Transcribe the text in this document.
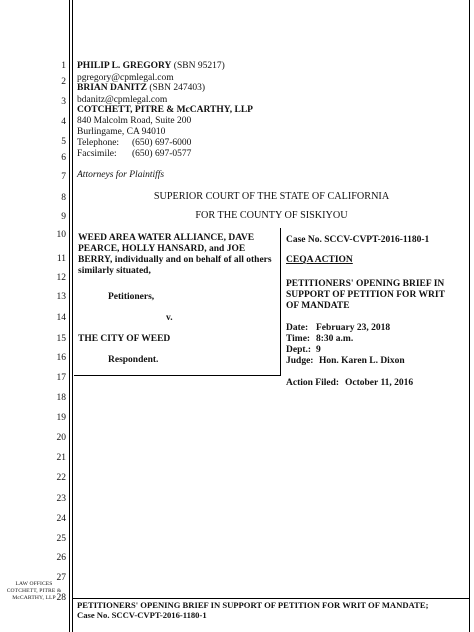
1
2
3
4
5
6
7
8
9
10
11
12
13
14
15
16
17
18
19
20
21
22
23
24
25
26
27
28
PHILIP L. GREGORY (SBN 95217)
pgregory@cpmlegal.com
BRIAN DANITZ (SBN 247403)
bdanitz@cpmlegal.com
COTCHETT, PITRE & McCARTHY, LLP
840 Malcolm Road, Suite 200
Burlingame, CA 94010
Telephone: (650) 697-6000
Facsimile: (650) 697-0577
Attorneys for Plaintiffs
SUPERIOR COURT OF THE STATE OF CALIFORNIA
FOR THE COUNTY OF SISKIYOU
WEED AREA WATER ALLIANCE, DAVE
PEARCE, HOLLY HANSARD, and JOE
BERRY, individually and on behalf of all others
similarly situated,
Petitioners,
v.
THE CITY OF WEED
Respondent.
Case No. SCCV-CVPT-2016-1180-1
CEQA ACTION
PETITIONERS' OPENING BRIEF IN
SUPPORT OF PETITION FOR WRIT
OF MANDATE
Date: February 23, 2018
Time: 8:30 a.m.
Dept.: 9
Judge: Hon. Karen L. Dixon
Action Filed: October 11, 2016
LAW OFFICES
COTCHETT, PITRE &
McCARTHY, LLP
PETITIONERS' OPENING BRIEF IN SUPPORT OF PETITION FOR WRIT OF MANDATE;
Case No. SCCV-CVPT-2016-1180-1
